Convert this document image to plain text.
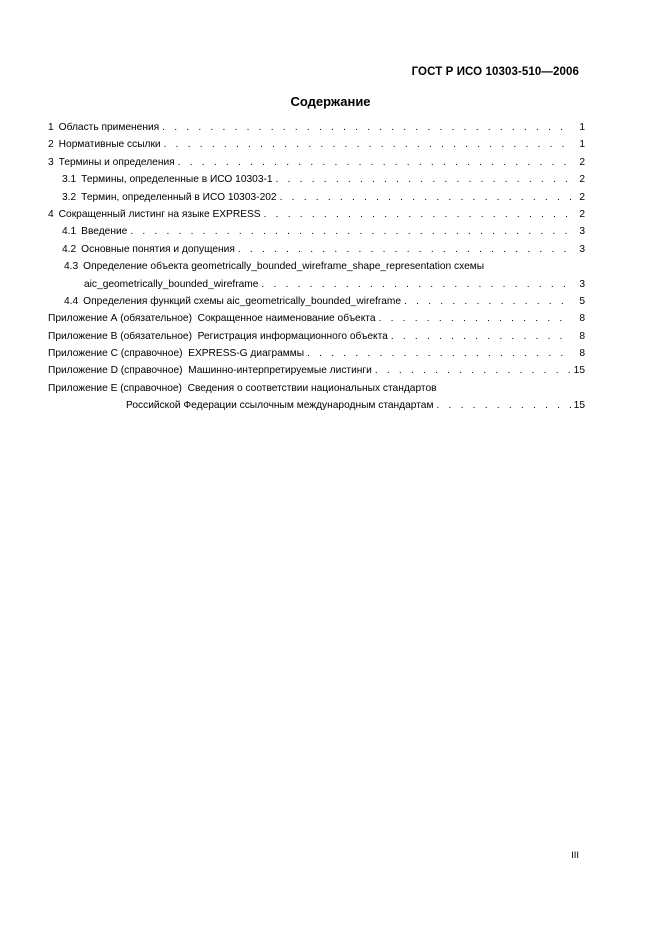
ГОСТ Р ИСО 10303-510—2006
Содержание
1 Область применения . . .	1
2 Нормативные ссылки . . .	1
3 Термины и определения . . .	2
3.1 Термины, определенные в ИСО 10303-1 . . .	2
3.2 Термин, определенный в ИСО 10303-202 . . .	2
4 Сокращенный листинг на языке EXPRESS . . .	2
4.1 Введение . . .	3
4.2 Основные понятия и допущения . . .	3
4.3 Определение объекта geometrically_bounded_wireframe_shape_representation схемы
aic_geometrically_bounded_wireframe . . .	3
4.4 Определения функций схемы aic_geometrically_bounded_wireframe . . .	5
Приложение А (обязательное)  Сокращенное наименование объекта . . .	8
Приложение В (обязательное)  Регистрация информационного объекта . . .	8
Приложение С (справочное)  EXPRESS-G диаграммы . . .	8
Приложение D (справочное)  Машинно-интерпретируемые листинги . . .	15
Приложение Е (справочное)  Сведения о соответствии национальных стандартов
Российской Федерации ссылочным международным стандартам . . .	15
III
